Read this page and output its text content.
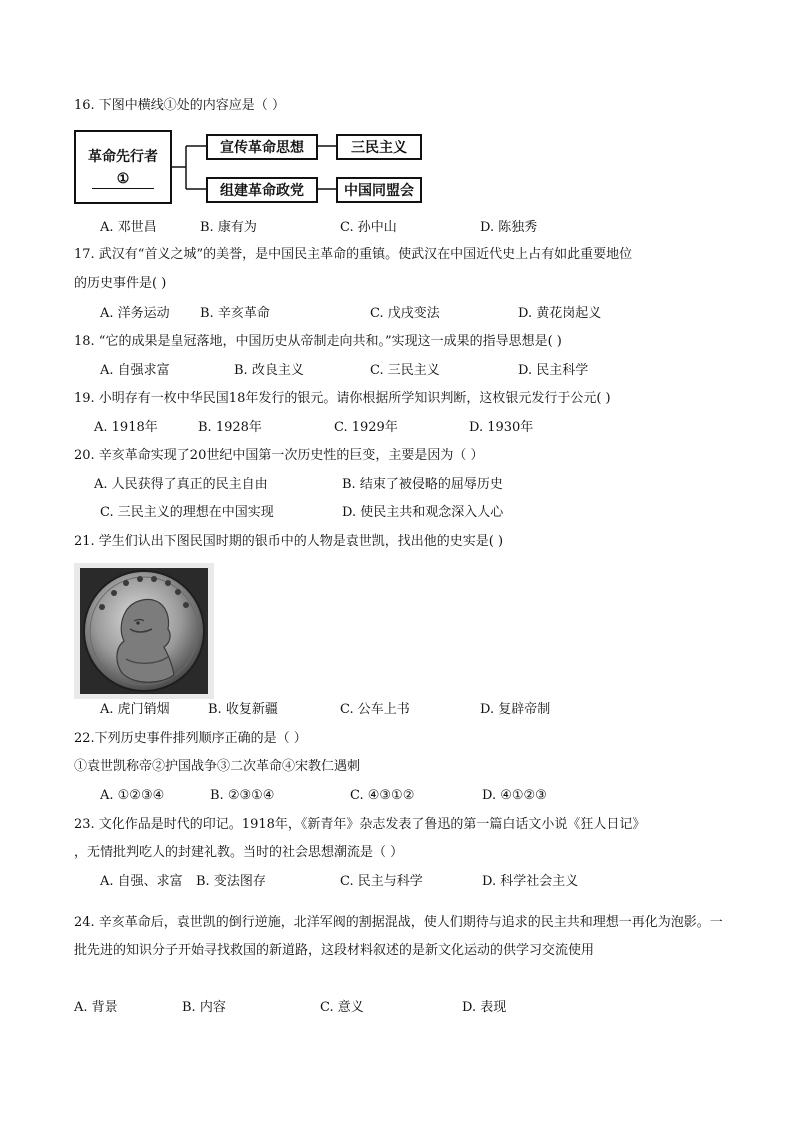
16. 下图中横线①处的内容应是（ ）
革命先行者
①
宣传革命思想	三民主义
组建革命政党	中国同盟会
A. 邓世昌	B. 康有为	C. 孙中山	D. 陈独秀
17. 武汉有“首义之城”的美誉，是中国民主革命的重镇。使武汉在中国近代史上占有如此重要地位
的历史事件是( )
A. 洋务运动 B. 辛亥革命	C. 戊戌变法	D. 黄花岗起义
18. “它的成果是皇冠落地，中国历史从帝制走向共和。”实现这一成果的指导思想是( )
A. 自强求富	B. 改良主义	C. 三民主义	D. 民主科学
19. 小明存有一枚中华民国18年发行的银元。请你根据所学知识判断，这枚银元发行于公元( )
A. 1918年	B. 1928年	C. 1929年	D. 1930年
20. 辛亥革命实现了20世纪中国第一次历史性的巨变，主要是因为（ ）
A. 人民获得了真正的民主自由	B. 结束了被侵略的屈辱历史
C. 三民主义的理想在中国实现	D. 使民主共和观念深入人心
21. 学生们认出下图民国时期的银币中的人物是袁世凯，找出他的史实是( )
A. 虎门销烟	B. 收复新疆	C. 公车上书	D. 复辟帝制
22.下列历史事件排列顺序正确的是（ ）
①袁世凯称帝②护国战争③二次革命④宋教仁遇刺
A. ①②③④	B. ②③①④	C. ④③①②	D. ④①②③
23. 文化作品是时代的印记。1918年，《新青年》杂志发表了鲁迅的第一篇白话文小说《狂人日记》
，无情批判吃人的封建礼教。当时的社会思想潮流是（ ）
A. 自强、求富 B. 变法图存	C. 民主与科学	D. 科学社会主义
24. 辛亥革命后，袁世凯的倒行逆施，北洋军阀的割据混战，使人们期待与追求的民主共和理想一再化为泡影。一批先进的知识分子开始寻找救国的新道路，这段材料叙述的是新文化运动的供学习交流使用
A. 背景	B. 内容	C. 意义	D. 表现
